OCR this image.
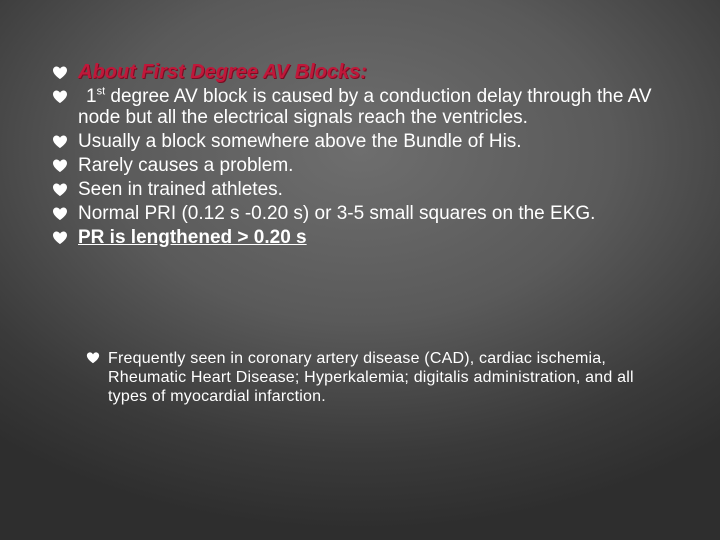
About First Degree AV Blocks:
1st degree AV block is caused by a conduction delay through the AV node but all the electrical signals reach the ventricles.
Usually a block somewhere above the Bundle of His.
Rarely causes a problem.
Seen in trained athletes.
Normal PRI (0.12 s -0.20 s) or 3-5 small squares on the EKG.
PR is lengthened > 0.20 s
Frequently seen in coronary artery disease (CAD), cardiac ischemia, Rheumatic Heart Disease; Hyperkalemia; digitalis administration, and all types of myocardial infarction.
